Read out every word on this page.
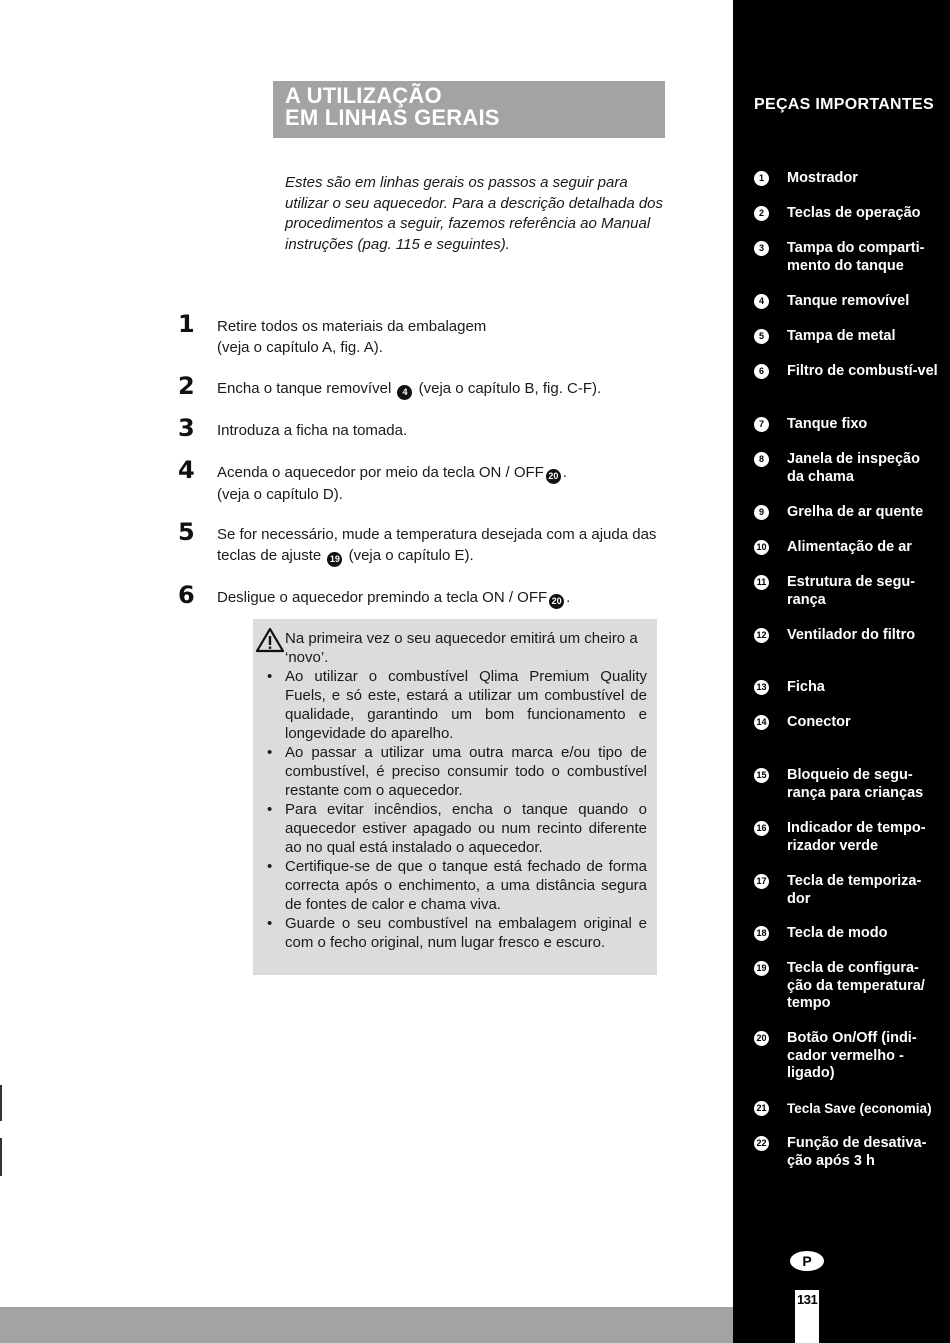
A UTILIZAÇÃO
EM LINHAS GERAIS
Estes são em linhas gerais os passos a seguir para utilizar o seu aquecedor. Para a descrição detalhada dos procedimentos a seguir, fazemos referência ao Manual instruções (pag. 115 e seguintes).
1 Retire todos os materiais da embalagem
(veja o capítulo A, fig. A).
2 Encha o tanque removível 4 (veja o capítulo B, fig. C-F).
3 Introduza a ficha na tomada.
4 Acenda o aquecedor por meio da tecla ON / OFF 20 .
(veja o capítulo D).
5 Se for necessário, mude a temperatura desejada com a ajuda das teclas de ajuste 19 (veja o capítulo E).
6 Desligue o aquecedor premindo a tecla ON / OFF 20 .
Na primeira vez o seu aquecedor emitirá um cheiro a ‘novo’.
• Ao utilizar o combustível Qlima Premium Quality Fuels, e só este, estará a utilizar um combustível de qualidade, garantindo um bom funcionamento e longevidade do aparelho.
• Ao passar a utilizar uma outra marca e/ou tipo de combustível, é preciso consumir todo o combustível restante com o aquecedor.
• Para evitar incêndios, encha o tanque quando o aquecedor estiver apagado ou num recinto diferente ao no qual está instalado o aquecedor.
• Certifique-se de que o tanque está fechado de forma correcta após o enchimento, a uma distância segura de fontes de calor e chama viva.
• Guarde o seu combustível na embalagem original e com o fecho original, num lugar fresco e escuro.
PEÇAS IMPORTANTES
1	Mostrador
2	Teclas de operação
3	Tampa do comparti-mento do tanque
4	Tanque removível
5	Tampa de metal
6	Filtro de combustí-vel
7	Tanque fixo
8	Janela de inspeção da chama
9	Grelha de ar quente
10 Alimentação de ar
11 Estrutura de segu-rança
12 Ventilador do filtro
13 Ficha
14 Conector
15 Bloqueio de segu-rança para crianças
16 Indicador de tempo-rizador verde
17 Tecla de temporiza-dor
18 Tecla de modo
19 Tecla de configura-ção da temperatura/ tempo
20 Botão On/Off (indi-cador vermelho - ligado)
21 Tecla Save (economia)
22 Função de desativa-ção após 3 h
P
131
